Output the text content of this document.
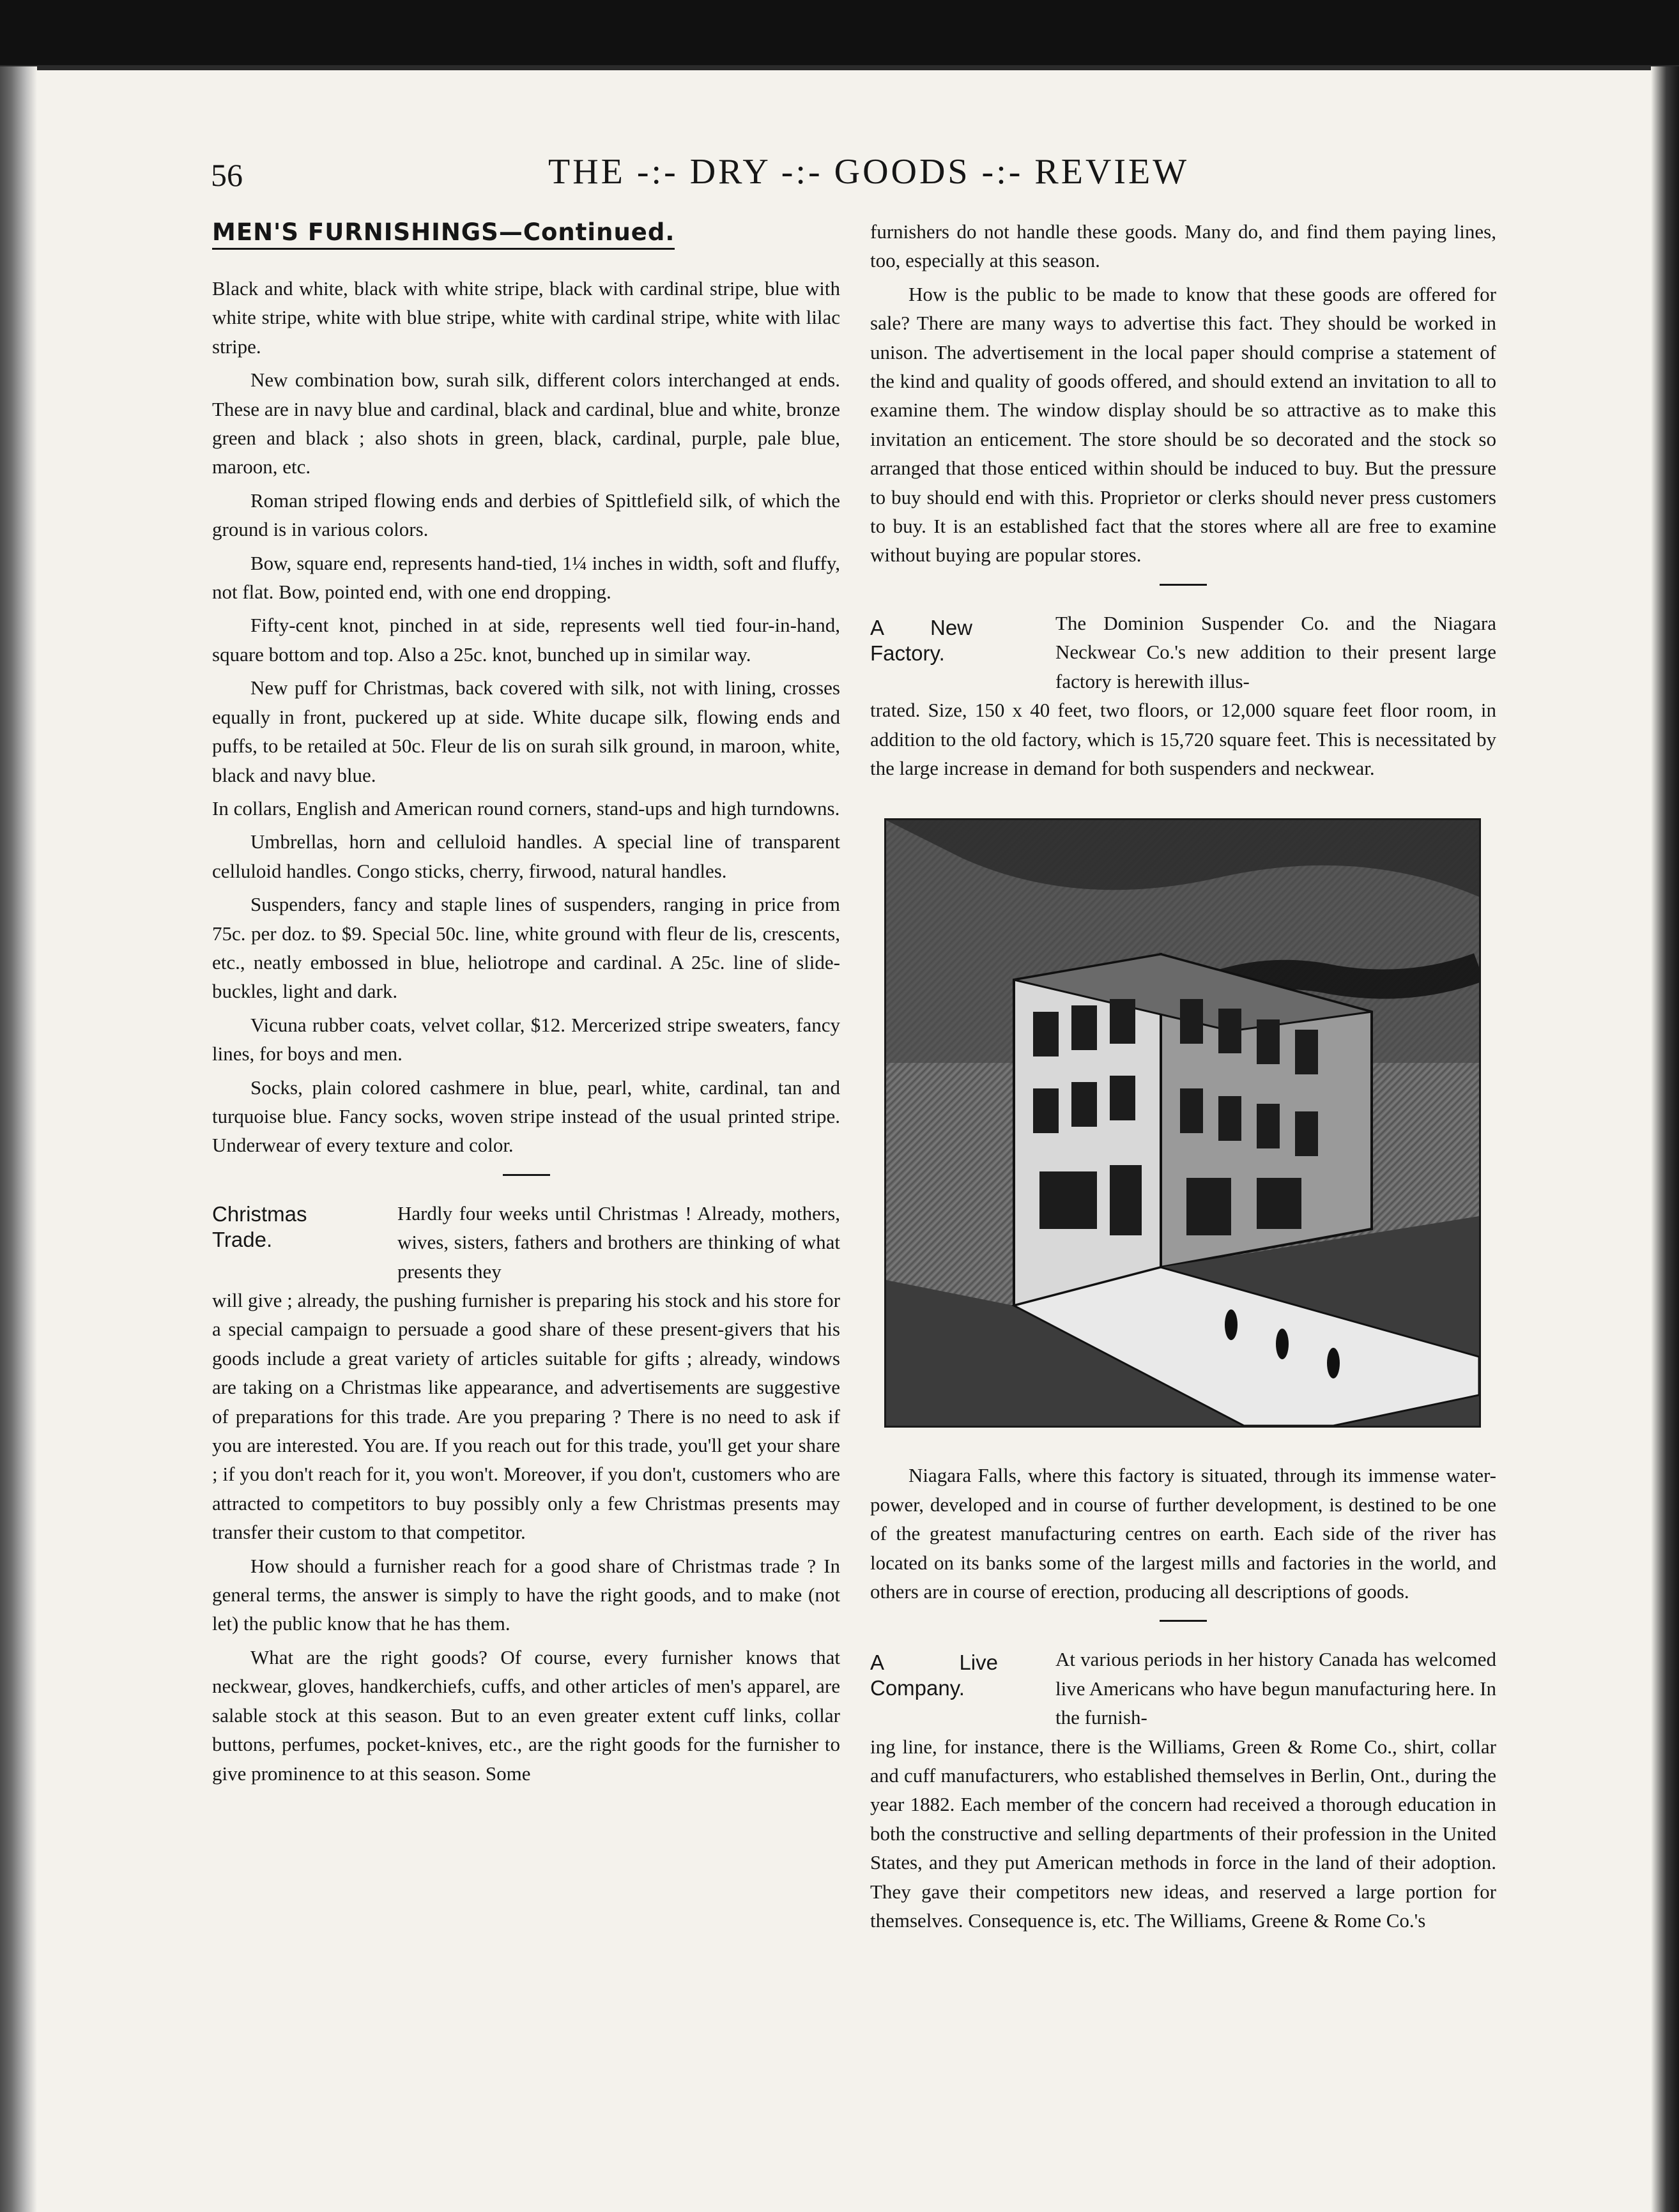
56	THE -:- DRY -:- GOODS -:- REVIEW
MEN'S FURNISHINGS—Continued.

Black and white, black with white stripe, black with cardinal stripe, blue with white stripe, white with blue stripe, white with cardinal stripe, white with lilac stripe.

New combination bow, surah silk, different colors interchanged at ends. These are in navy blue and cardinal, black and cardinal, blue and white, bronze green and black ; also shots in green, black, cardinal, purple, pale blue, maroon, etc.

Roman striped flowing ends and derbies of Spittlefield silk, of which the ground is in various colors.

Bow, square end, represents hand-tied, 1¼ inches in width, soft and fluffy, not flat. Bow, pointed end, with one end dropping.

Fifty-cent knot, pinched in at side, represents well tied four-in-hand, square bottom and top. Also a 25c. knot, bunched up in similar way.

New puff for Christmas, back covered with silk, not with lining, crosses equally in front, puckered up at side. White ducape silk, flowing ends and puffs, to be retailed at 50c. Fleur de lis on surah silk ground, in maroon, white, black and navy blue.

In collars, English and American round corners, stand-ups and high turndowns.

Umbrellas, horn and celluloid handles. A special line of transparent celluloid handles. Congo sticks, cherry, firwood, natural handles.

Suspenders, fancy and staple lines of suspenders, ranging in price from 75c. per doz. to $9. Special 50c. line, white ground with fleur de lis, crescents, etc., neatly embossed in blue, heliotrope and cardinal. A 25c. line of slide-buckles, light and dark.

Vicuna rubber coats, velvet collar, $12. Mercerized stripe sweaters, fancy lines, for boys and men.

Socks, plain colored cashmere in blue, pearl, white, cardinal, tan and turquoise blue. Fancy socks, woven stripe instead of the usual printed stripe. Underwear of every texture and color.

Christmas Trade.

Hardly four weeks until Christmas ! Already, mothers, wives, sisters, fathers and brothers are thinking of what presents they

will give ; already, the pushing furnisher is preparing his stock and his store for a special campaign to persuade a good share of these present-givers that his goods include a great variety of articles suitable for gifts ; already, windows are taking on a Christmas like appearance, and advertisements are suggestive of preparations for this trade. Are you preparing ? There is no need to ask if you are interested. You are. If you reach out for this trade, you'll get your share ; if you don't reach for it, you won't. Moreover, if you don't, customers who are attracted to competitors to buy possibly only a few Christmas presents may transfer their custom to that competitor.

How should a furnisher reach for a good share of Christmas trade ? In general terms, the answer is simply to have the right goods, and to make (not let) the public know that he has them.

What are the right goods? Of course, every furnisher knows that neckwear, gloves, handkerchiefs, cuffs, and other articles of men's apparel, are salable stock at this season. But to an even greater extent cuff links, collar buttons, perfumes, pocket-knives, etc., are the right goods for the furnisher to give prominence to at this season. Some

furnishers do not handle these goods. Many do, and find them paying lines, too, especially at this season.

How is the public to be made to know that these goods are offered for sale? There are many ways to advertise this fact. They should be worked in unison. The advertisement in the local paper should comprise a statement of the kind and quality of goods offered, and should extend an invitation to all to examine them. The window display should be so attractive as to make this invitation an enticement. The store should be so decorated and the stock so arranged that those enticed within should be induced to buy. But the pressure to buy should end with this. Proprietor or clerks should never press customers to buy. It is an established fact that the stores where all are free to examine without buying are popular stores.

A New Factory.

The Dominion Suspender Co. and the Niagara Neckwear Co.'s new addition to their present large factory is herewith illus-

trated. Size, 150 x 40 feet, two floors, or 12,000 square feet floor room, in addition to the old factory, which is 15,720 square feet. This is necessitated by the large increase in demand for both suspenders and neckwear.

Niagara Falls, where this factory is situated, through its immense water-power, developed and in course of further development, is destined to be one of the greatest manufacturing centres on earth. Each side of the river has located on its banks some of the largest mills and factories in the world, and others are in course of erection, producing all descriptions of goods.

A Live Company.

At various periods in her history Canada has welcomed live Americans who have begun manufacturing here. In the furnish-

ing line, for instance, there is the Williams, Green & Rome Co., shirt, collar and cuff manufacturers, who established themselves in Berlin, Ont., during the year 1882. Each member of the concern had received a thorough education in both the constructive and selling departments of their profession in the United States, and they put American methods in force in the land of their adoption. They gave their competitors new ideas, and reserved a large portion for themselves. Consequence is, etc. The Williams, Greene & Rome Co.'s
